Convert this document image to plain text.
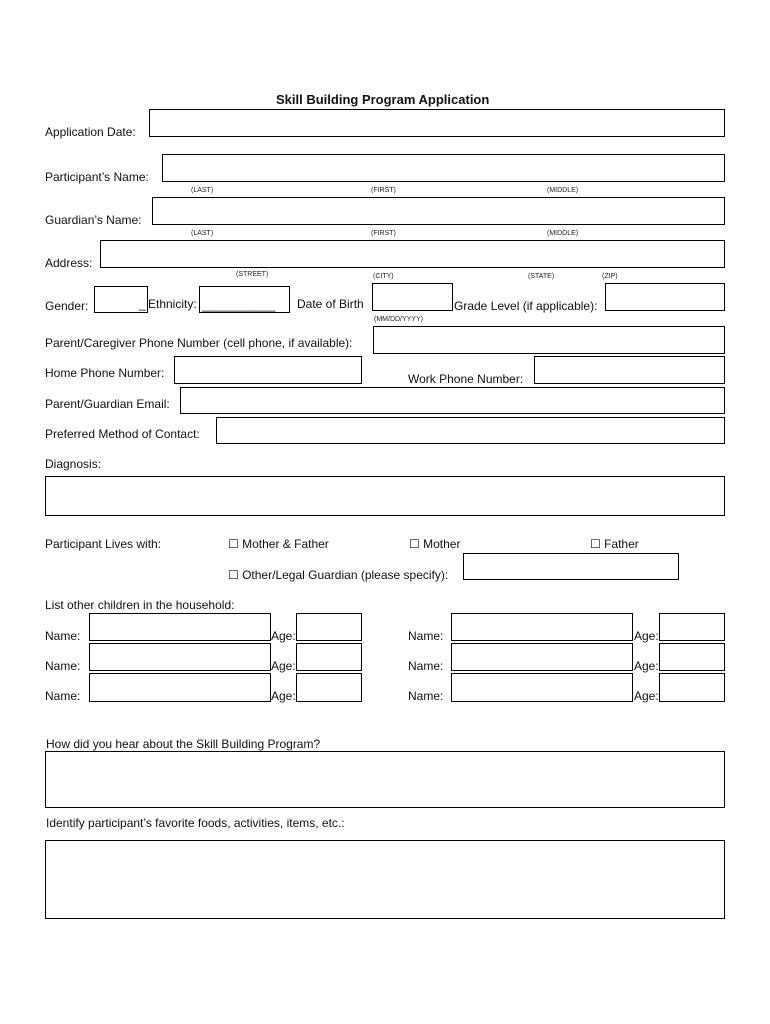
Skill Building Program Application
Application Date:
Participant’s Name:
(LAST)	(FIRST)	(MIDDLE)
Guardian’s Name:
(LAST)	(FIRST)	(MIDDLE)
Address:
(STREET)	(CITY)	(STATE)	(ZIP)
Gender:	_ Ethnicity: ___________ Date of Birth
(MM/DD/YYYY)
Grade Level (if applicable):
Parent/Caregiver Phone Number (cell phone, if available):
Home Phone Number:	Work Phone Number:
Parent/Guardian Email:
Preferred Method of Contact:
Diagnosis:
Participant Lives with:	☐ Mother & Father	☐ Mother	☐ Father
☐ Other/Legal Guardian (please specify):
List other children in the household:
Name:	Age:	Name:	Age:
Name:	Age:	Name:	Age:
Name:	Age:	Name:	Age:
How did you hear about the Skill Building Program?
Identify participant’s favorite foods, activities, items, etc.:
